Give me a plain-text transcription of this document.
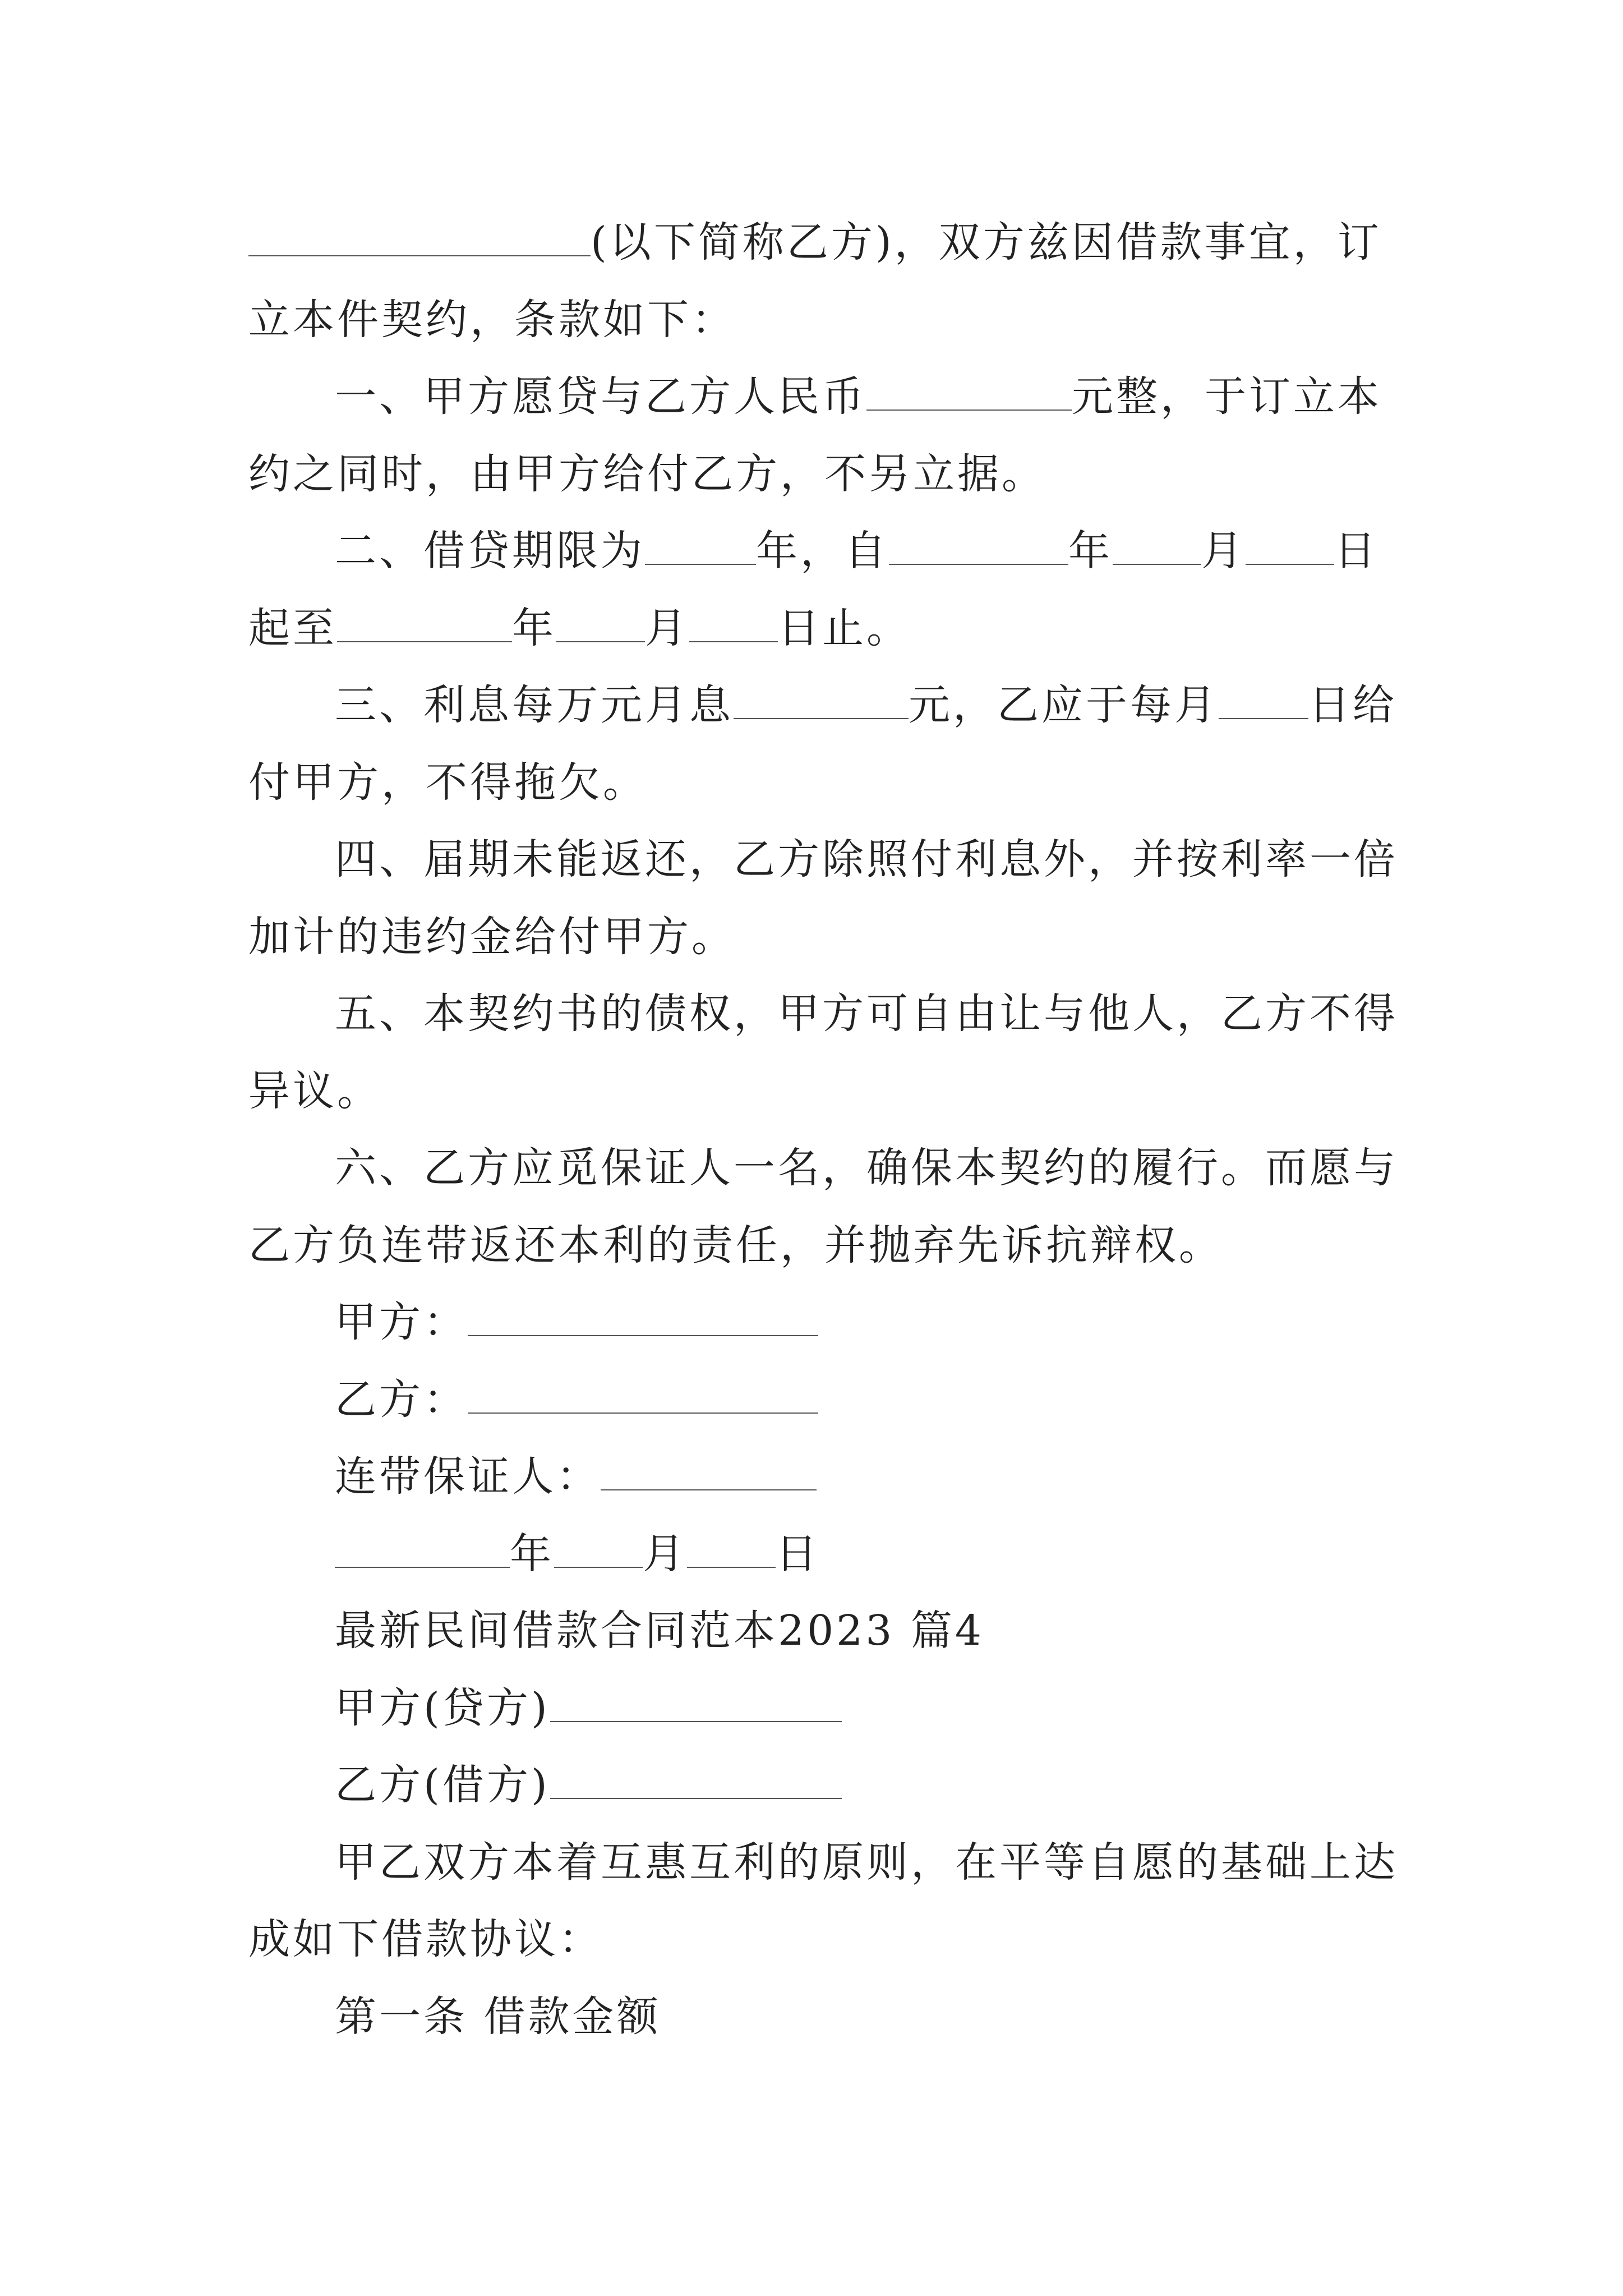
(以下简称乙方)，双方兹因借款事宜，订
立本件契约，条款如下：
一、甲方愿贷与乙方人民币	元整，于订立本
约之同时，由甲方给付乙方，不另立据。
二、借贷期限为	年，自	年 月 日
起至	年 月 日止。
三、利息每万元月息	元，乙应于每月 日给
付甲方，不得拖欠。
四、届期未能返还，乙方除照付利息外，并按利率一倍
加计的违约金给付甲方。
五、本契约书的债权，甲方可自由让与他人，乙方不得
异议。
六、乙方应觅保证人一名，确保本契约的履行。而愿与
乙方负连带返还本利的责任，并抛弃先诉抗辩权。
甲方：
乙方：
连带保证人：
年 月 日
最新民间借款合同范本2023 篇4
甲方(贷方)
乙方(借方)
甲乙双方本着互惠互利的原则，在平等自愿的基础上达
成如下借款协议：
第一条 借款金额
